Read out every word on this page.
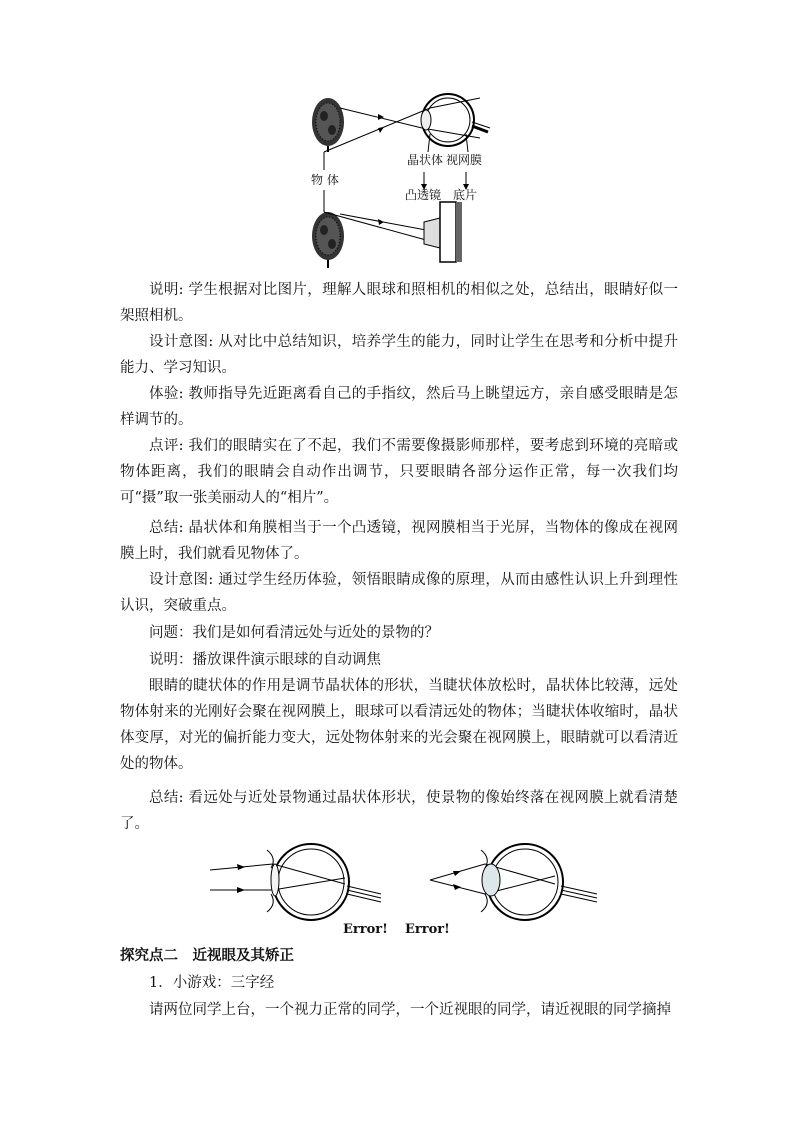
物 体
晶状体 视网膜
凸透镜 底片

说明: 学生根据对比图片，理解人眼球和照相机的相似之处，总结出，眼睛好似一架照相机。

设计意图: 从对比中总结知识，培养学生的能力，同时让学生在思考和分析中提升能力、学习知识。

体验: 教师指导先近距离看自己的手指纹，然后马上眺望远方，亲自感受眼睛是怎样调节的。

点评: 我们的眼睛实在了不起，我们不需要像摄影师那样，要考虑到环境的亮暗或物体距离，我们的眼睛会自动作出调节，只要眼睛各部分运作正常，每一次我们均可“摄”取一张美丽动人的“相片”。

总结: 晶状体和角膜相当于一个凸透镜，视网膜相当于光屏，当物体的像成在视网膜上时，我们就看见物体了。

设计意图: 通过学生经历体验，领悟眼睛成像的原理，从而由感性认识上升到理性认识，突破重点。

问题：我们是如何看清远处与近处的景物的？

说明：播放课件演示眼球的自动调焦

眼睛的睫状体的作用是调节晶状体的形状，当睫状体放松时，晶状体比较薄，远处物体射来的光刚好会聚在视网膜上，眼球可以看清远处的物体；当睫状体收缩时，晶状体变厚，对光的偏折能力变大，远处物体射来的光会聚在视网膜上，眼睛就可以看清近处的物体。

总结: 看远处与近处景物通过晶状体形状，使景物的像始终落在视网膜上就看清楚了。

Error! Error!
探究点二　近视眼及其矫正
1．小游戏：三字经

请两位同学上台，一个视力正常的同学，一个近视眼的同学，请近视眼的同学摘掉
